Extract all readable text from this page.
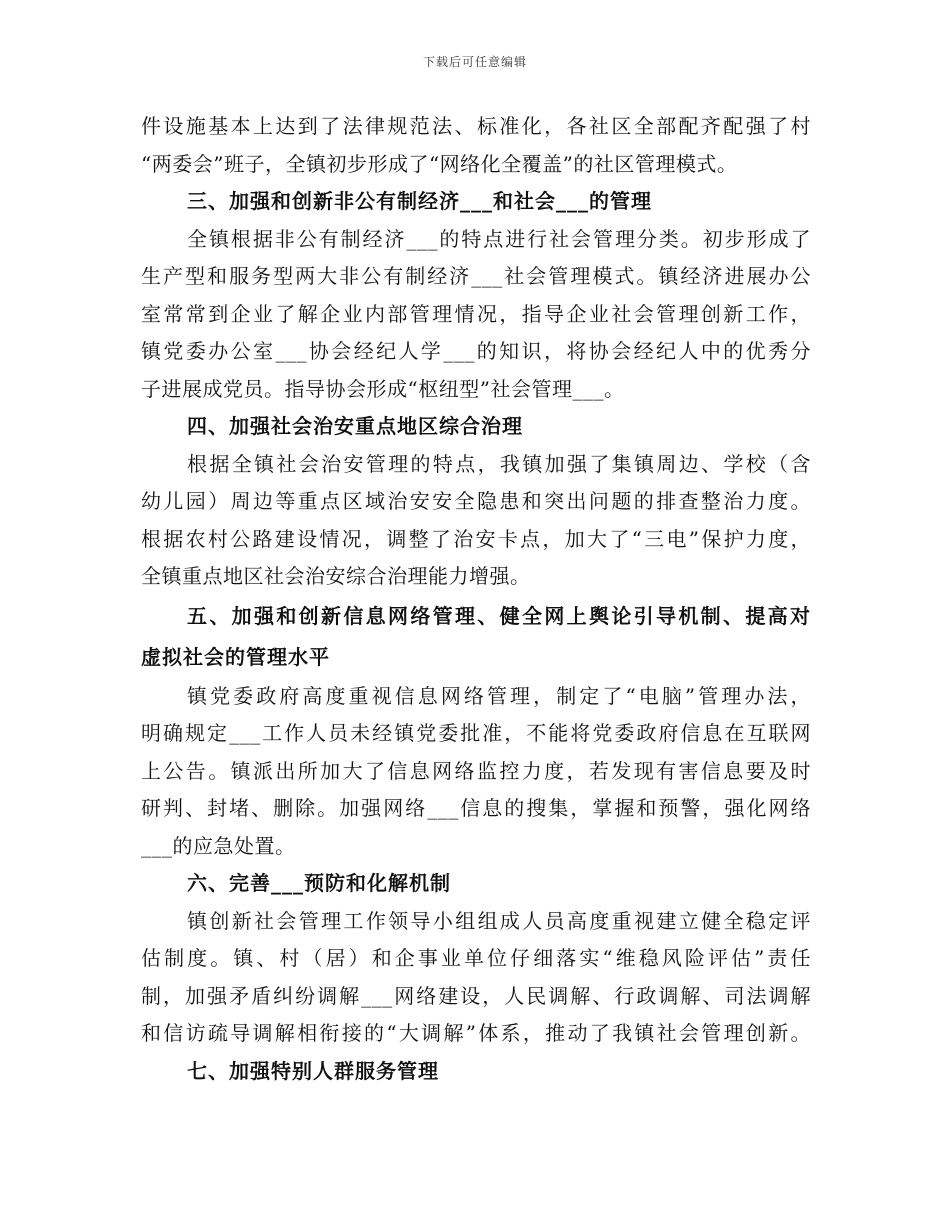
下载后可任意编辑
件设施基本上达到了法律规范法、标准化，各社区全部配齐配强了村
“两委会”班子，全镇初步形成了“网络化全覆盖”的社区管理模式。
三、加强和创新非公有制经济___和社会___的管理
全镇根据非公有制经济___的特点进行社会管理分类。初步形成了
生产型和服务型两大非公有制经济___社会管理模式。镇经济进展办公
室常常到企业了解企业内部管理情况，指导企业社会管理创新工作，
镇党委办公室___协会经纪人学___的知识，将协会经纪人中的优秀分
子进展成党员。指导协会形成“枢纽型”社会管理___。
四、加强社会治安重点地区综合治理
根据全镇社会治安管理的特点，我镇加强了集镇周边、学校（含
幼儿园）周边等重点区域治安安全隐患和突出问题的排查整治力度。
根据农村公路建设情况，调整了治安卡点，加大了“三电”保护力度，
全镇重点地区社会治安综合治理能力增强。
五、加强和创新信息网络管理、健全网上舆论引导机制、提高对
虚拟社会的管理水平
镇党委政府高度重视信息网络管理，制定了“电脑”管理办法，
明确规定___工作人员未经镇党委批准，不能将党委政府信息在互联网
上公告。镇派出所加大了信息网络监控力度，若发现有害信息要及时
研判、封堵、删除。加强网络___信息的搜集，掌握和预警，强化网络
___的应急处置。
六、完善___预防和化解机制
镇创新社会管理工作领导小组组成人员高度重视建立健全稳定评
估制度。镇、村（居）和企事业单位仔细落实“维稳风险评估”责任
制，加强矛盾纠纷调解___网络建设，人民调解、行政调解、司法调解
和信访疏导调解相衔接的“大调解”体系，推动了我镇社会管理创新。
七、加强特别人群服务管理
